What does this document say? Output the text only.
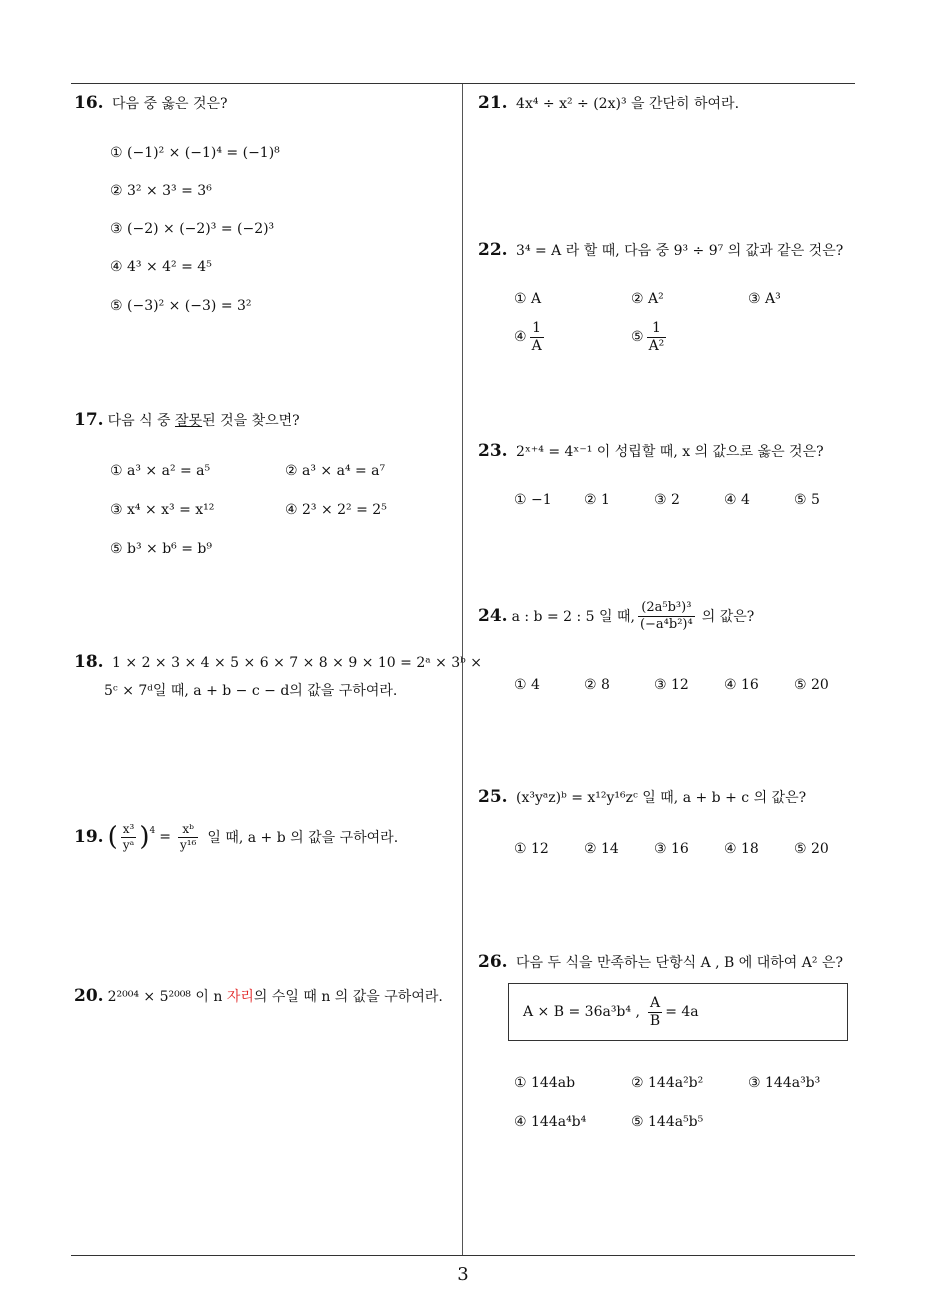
16. 다음 중 옳은 것은?
① (−1)² × (−1)⁴ = (−1)⁸
② 3² × 3³ = 3⁶
③ (−2) × (−2)³ = (−2)³
④ 4³ × 4² = 4⁵
⑤ (−3)² × (−3) = 3²
17. 다음 식 중 잘못된 것을 찾으면?
① a³ × a² = a⁵	② a³ × a⁴ = a⁷
③ x⁴ × x³ = x¹²	④ 2³ × 2² = 2⁵
⑤ b³ × b⁶ = b⁹
18. 1 × 2 × 3 × 4 × 5 × 6 × 7 × 8 × 9 × 10 = 2ᵃ × 3ᵇ ×
5ᶜ × 7ᵈ일 때, a + b − c − d의 값을 구하여라.
19. ( $\frac{\text{x³}}{\text{yᵃ}} )^4 = \frac{\text{xᵇ}}{\text{y¹⁶}}$ 일 때, a + b 의 값을 구하여라.
20. 2²⁰⁰⁴ × 5²⁰⁰⁸ 이 n 자리의 수일 때 n 의 값을 구하여라.
21. 4x⁴ ÷ x² ÷ (2x)³ 을 간단히 하여라.
22. 3⁴ = A 라 할 때, 다음 중 9³ ÷ 9⁷ 의 값과 같은 것은?
① A	② A²	③ A³
④ $\frac{1}{A}$	⑤ $\frac{1}{\text{A²}}$
23. 2ˣ⁺⁴ = 4ˣ⁻¹ 이 성립할 때, x 의 값으로 옳은 것은?
① −1 ② 1	③ 2	④ 4	⑤ 5
24. a : b = 2 : 5 일 때, $\frac{\text{(2a⁵b³)³}}{\text{(−a⁴b²)⁴}}$ 의 값은?
① 4	② 8	③ 12	④ 16	⑤ 20
25. (x³yᵃz)ᵇ = x¹²y¹⁶zᶜ 일 때, a + b + c 의 값은?
① 12	② 14	③ 16	④ 18	⑤ 20
26. 다음 두 식을 만족하는 단항식 A , B 에 대하여 A² 은?
A × B = 36a³b⁴ , $\frac{A}{B} = 4a$
① 144ab	② 144a²b²	③ 144a³b³
④ 144a⁴b⁴	⑤ 144a⁵b⁵
3
